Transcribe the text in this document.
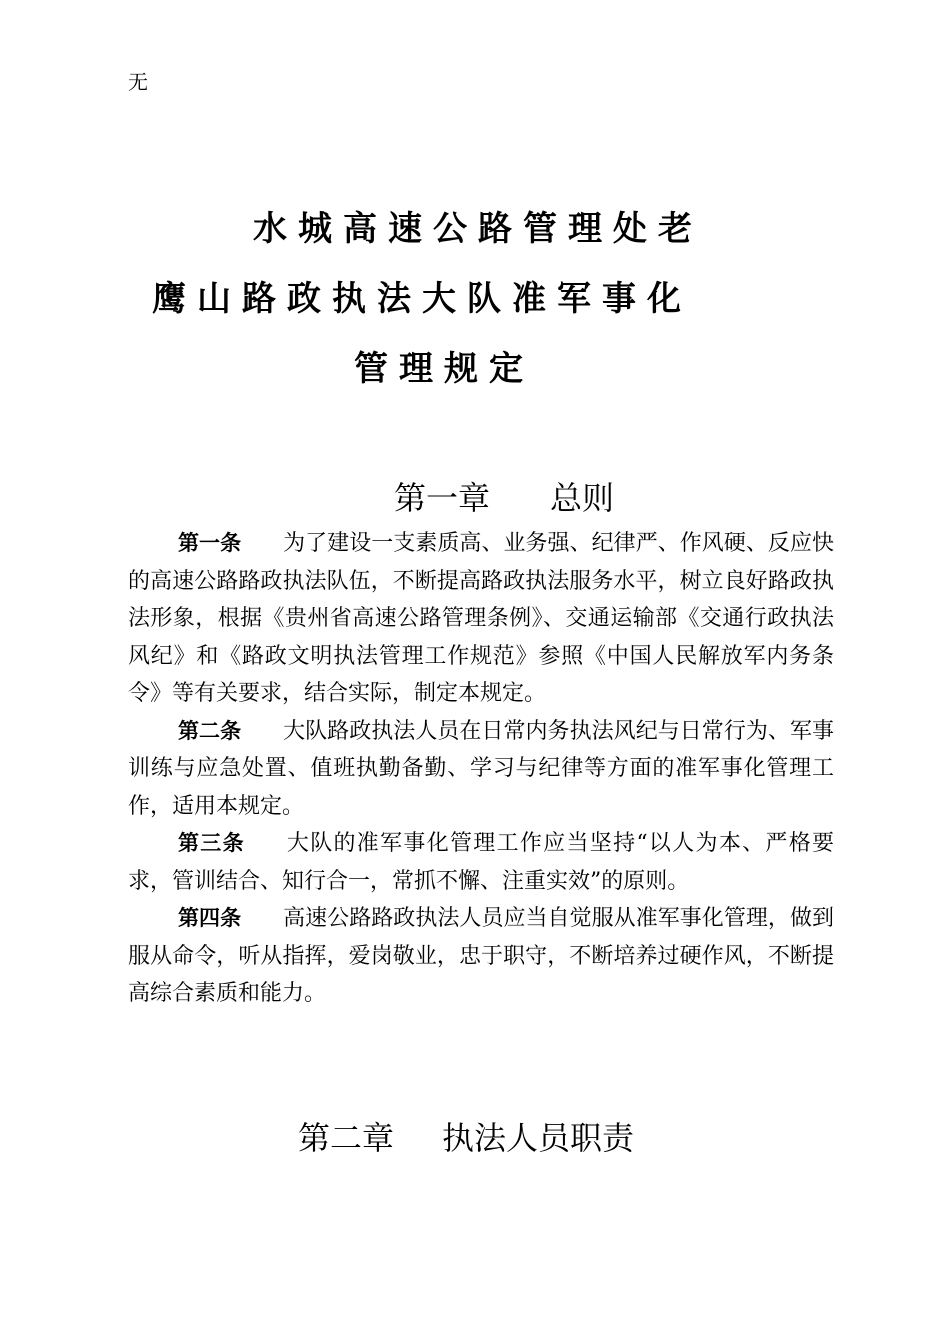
无
水城高速公路管理处老
鹰山路政执法大队准军事化
管理规定
第一章 总则

第一条 为了建设一支素质高、业务强、纪律严、作风硬、反应快的高速公路路政执法队伍，不断提高路政执法服务水平，树立良好路政执法形象，根据《贵州省高速公路管理条例》、交通运输部《交通行政执法风纪》和《路政文明执法管理工作规范》参照《中国人民解放军内务条令》等有关要求，结合实际，制定本规定。

第二条 大队路政执法人员在日常内务执法风纪与日常行为、军事训练与应急处置、值班执勤备勤、学习与纪律等方面的准军事化管理工作，适用本规定。

第三条 大队的准军事化管理工作应当坚持“以人为本、严格要求，管训结合、知行合一，常抓不懈、注重实效”的原则。

第四条 高速公路路政执法人员应当自觉服从准军事化管理，做到服从命令，听从指挥，爱岗敬业，忠于职守，不断培养过硬作风，不断提高综合素质和能力。

第二章 执法人员职责
